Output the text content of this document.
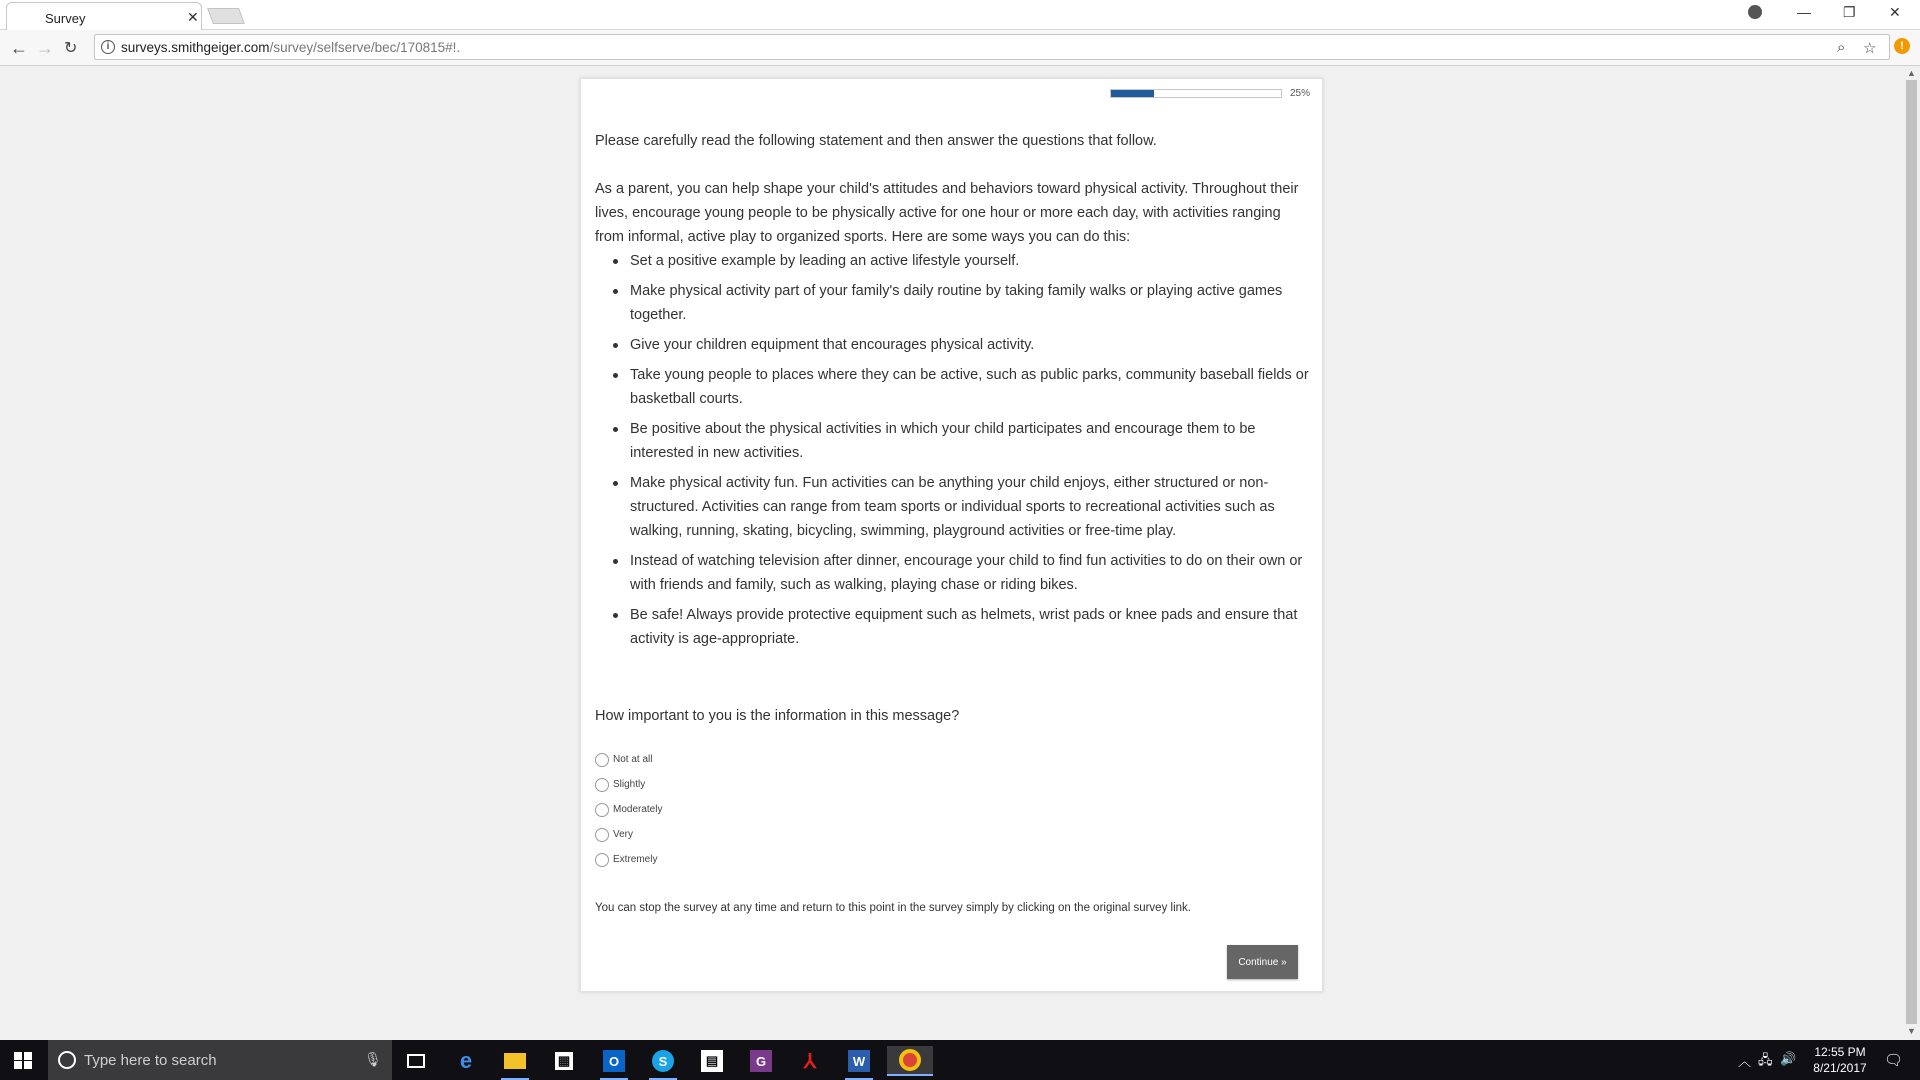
Survey	✕	— ❐ ✕
← → ↻	i surveys.smithgeiger.com/survey/selfserve/bec/170815#!.	⌕ ☆	!
25%

Please carefully read the following statement and then answer the questions that follow.

As a parent, you can help shape your child's attitudes and behaviors toward physical activity. Throughout their lives, encourage young people to be physically active for one hour or more each day, with activities ranging from informal, active play to organized sports. Here are some ways you can do this:

Set a positive example by leading an active lifestyle yourself.
Make physical activity part of your family's daily routine by taking family walks or playing active games together.
Give your children equipment that encourages physical activity.
Take young people to places where they can be active, such as public parks, community baseball fields or basketball courts.
Be positive about the physical activities in which your child participates and encourage them to be interested in new activities.
Make physical activity fun. Fun activities can be anything your child enjoys, either structured or non-structured. Activities can range from team sports or individual sports to recreational activities such as walking, running, skating, bicycling, swimming, playground activities or free-time play.
Instead of watching television after dinner, encourage your child to find fun activities to do on their own or with friends and family, such as walking, playing chase or riding bikes.
Be safe! Always provide protective equipment such as helmets, wrist pads or knee pads and ensure that activity is age-appropriate.

How important to you is the information in this message?

Not at all
Slightly
Moderately
Very
Extremely

You can stop the survey at any time and return to this point in the survey simply by clicking on the original survey link.

Continue »
▲
▼
Type here to search	🎙	e	▦	O	S	▤	G ⅄	W	︿ 🖧 🔊	12:55 PM
8/21/2017	🗨
